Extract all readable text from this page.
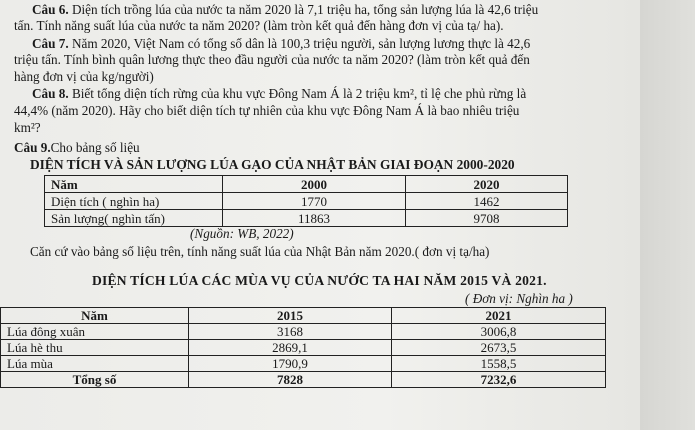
Câu 6. Diện tích trồng lúa của nước ta năm 2020 là 7,1 triệu ha, tổng sản lượng lúa là 42,6 triệu
tấn. Tính năng suất lúa của nước ta năm 2020? (làm tròn kết quả đến hàng đơn vị của tạ/ ha).
Câu 7. Năm 2020, Việt Nam có tổng số dân là 100,3 triệu người, sản lượng lương thực là 42,6
triệu tấn. Tính bình quân lương thực theo đầu người của nước ta năm 2020? (làm tròn kết quả đến
hàng đơn vị của kg/người)
Câu 8. Biết tổng diện tích rừng của khu vực Đông Nam Á là 2 triệu km², tỉ lệ che phủ rừng là
44,4% (năm 2020). Hãy cho biết diện tích tự nhiên của khu vực Đông Nam Á là bao nhiêu triệu
km²?
Câu 9.Cho bảng số liệu
DIỆN TÍCH VÀ SẢN LƯỢNG LÚA GẠO CỦA NHẬT BẢN GIAI ĐOẠN 2000-2020
Năm	2000	2020
Diện tích ( nghìn ha)	1770	1462
Sản lượng( nghìn tấn)	11863	9708
(Nguồn: WB, 2022)
Căn cứ vào bảng số liệu trên, tính năng suất lúa của Nhật Bản năm 2020.( đơn vị tạ/ha)
DIỆN TÍCH LÚA CÁC MÙA VỤ CỦA NƯỚC TA HAI NĂM 2015 VÀ 2021.
( Đơn vị: Nghìn ha )
Năm	2015	2021
Lúa đông xuân	3168	3006,8
Lúa hè thu	2869,1	2673,5
Lúa mùa	1790,9	1558,5
Tổng số	7828	7232,6
